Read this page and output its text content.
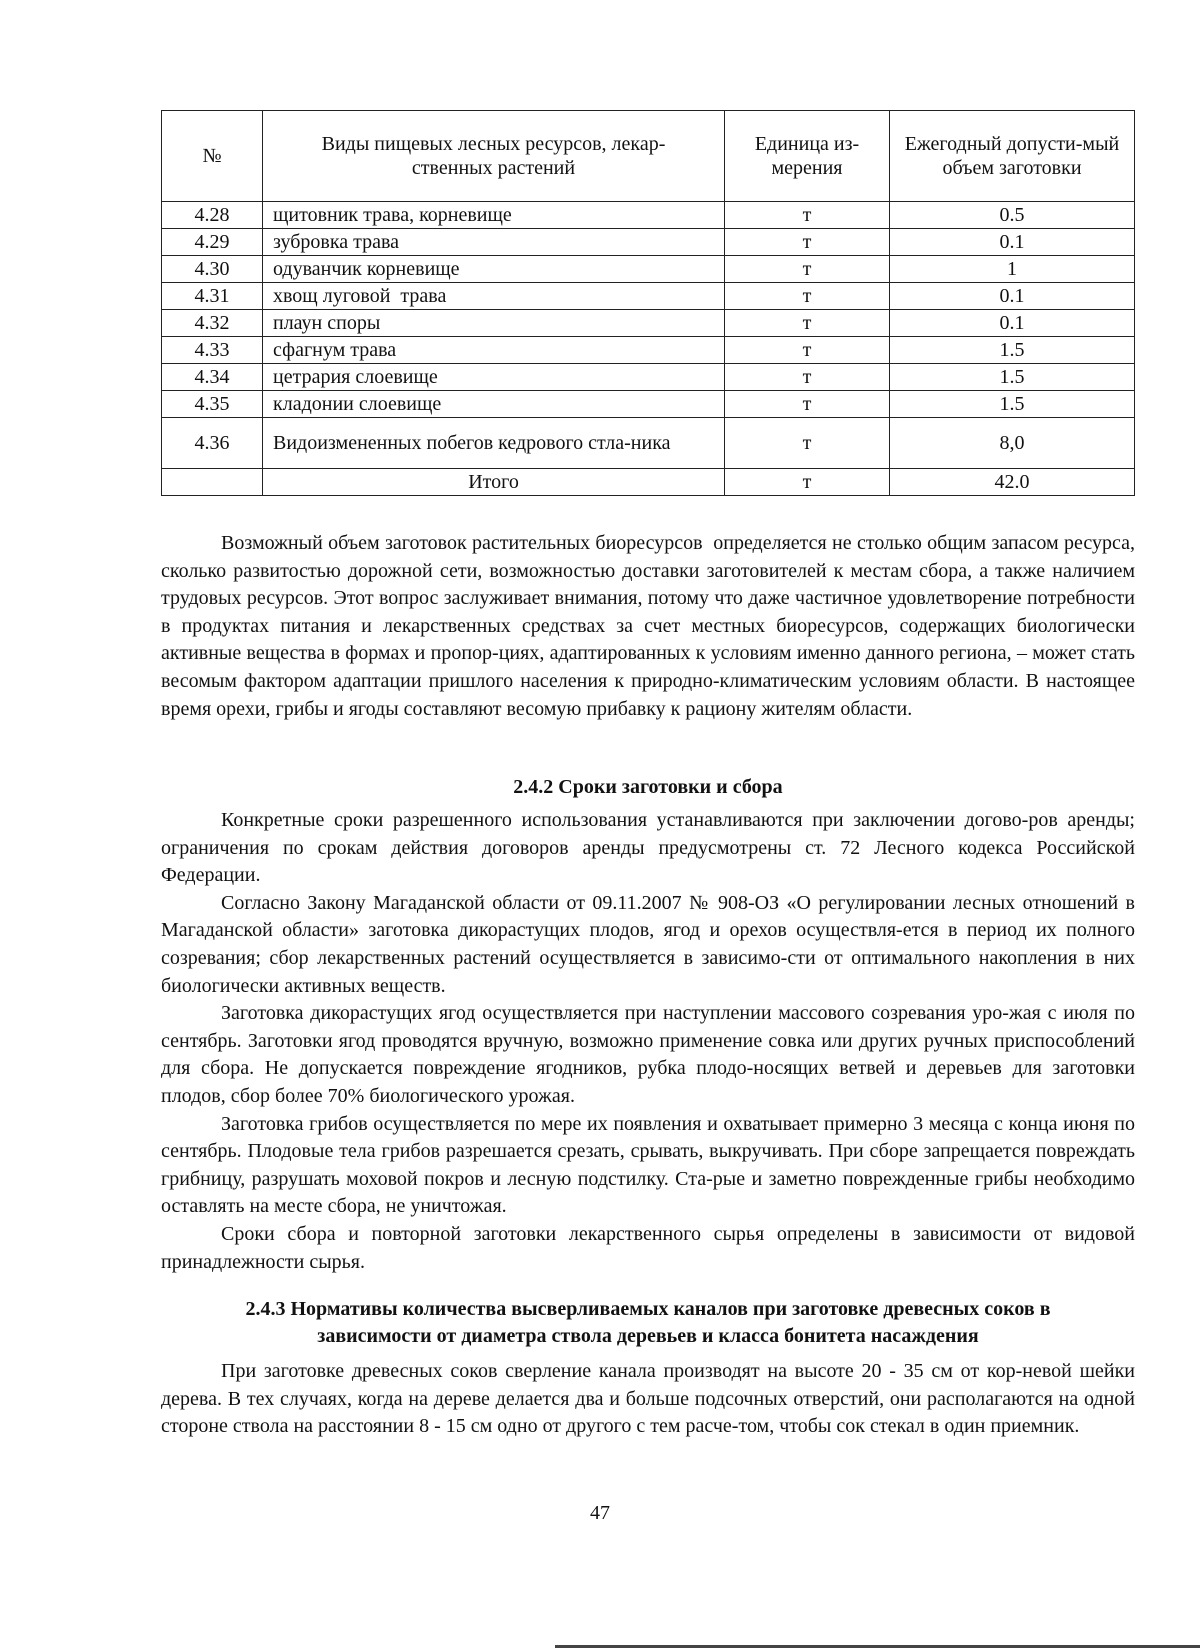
№	Виды пищевых лесных ресурсов, лекар-ственных растений	Единица из-мерения	Ежегодный допусти-мый объем заготовки
4.28	щитовник трава, корневище	т	0.5
4.29	зубровка трава	т	0.1
4.30	одуванчик корневище	т	1
4.31	хвощ луговой  трава	т	0.1
4.32	плаун споры	т	0.1
4.33	сфагнум трава	т	1.5
4.34	цетрария слоевище	т	1.5
4.35	кладонии слоевище	т	1.5
4.36	Видоизмененных побегов кедрового стла-ника	т	8,0
	Итого	т	42.0

Возможный объем заготовок растительных биоресурсов  определяется не столько общим запасом ресурса, сколько развитостью дорожной сети, возможностью доставки заготовителей к местам сбора, а также наличием трудовых ресурсов. Этот вопрос заслуживает внимания, потому что даже частичное удовлетворение потребности в продуктах питания и лекарственных средствах за счет местных биоресурсов, содержащих биологически активные вещества в формах и пропор-циях, адаптированных к условиям именно данного региона, – может стать весомым фактором адаптации пришлого населения к природно-климатическим условиям области. В настоящее время орехи, грибы и ягоды составляют весомую прибавку к рациону жителям области.

2.4.2 Сроки заготовки и сбора

Конкретные сроки разрешенного использования устанавливаются при заключении догово-ров аренды; ограничения по срокам действия договоров аренды предусмотрены ст. 72 Лесного кодекса Российской Федерации.

Согласно Закону Магаданской области от 09.11.2007 № 908-ОЗ «О регулировании лесных отношений в Магаданской области» заготовка дикорастущих плодов, ягод и орехов осуществля-ется в период их полного созревания; сбор лекарственных растений осуществляется в зависимо-сти от оптимального накопления в них биологически активных веществ.

Заготовка дикорастущих ягод осуществляется при наступлении массового созревания уро-жая с июля по сентябрь. Заготовки ягод проводятся вручную, возможно применение совка или других ручных приспособлений для сбора. Не допускается повреждение ягодников, рубка плодо-носящих ветвей и деревьев для заготовки плодов, сбор более 70% биологического урожая.

Заготовка грибов осуществляется по мере их появления и охватывает примерно 3 месяца с конца июня по сентябрь. Плодовые тела грибов разрешается срезать, срывать, выкручивать. При сборе запрещается повреждать грибницу, разрушать моховой покров и лесную подстилку. Ста-рые и заметно поврежденные грибы необходимо оставлять на месте сбора, не уничтожая.

Сроки сбора и повторной заготовки лекарственного сырья определены в зависимости от видовой принадлежности сырья.

2.4.3 Нормативы количества высверливаемых каналов при заготовке древесных соков в
зависимости от диаметра ствола деревьев и класса бонитета насаждения

При заготовке древесных соков сверление канала производят на высоте 20 - 35 см от кор-невой шейки дерева. В тех случаях, когда на дереве делается два и больше подсочных отверстий, они располагаются на одной стороне ствола на расстоянии 8 - 15 см одно от другого с тем расче-том, чтобы сок стекал в один приемник.

47
